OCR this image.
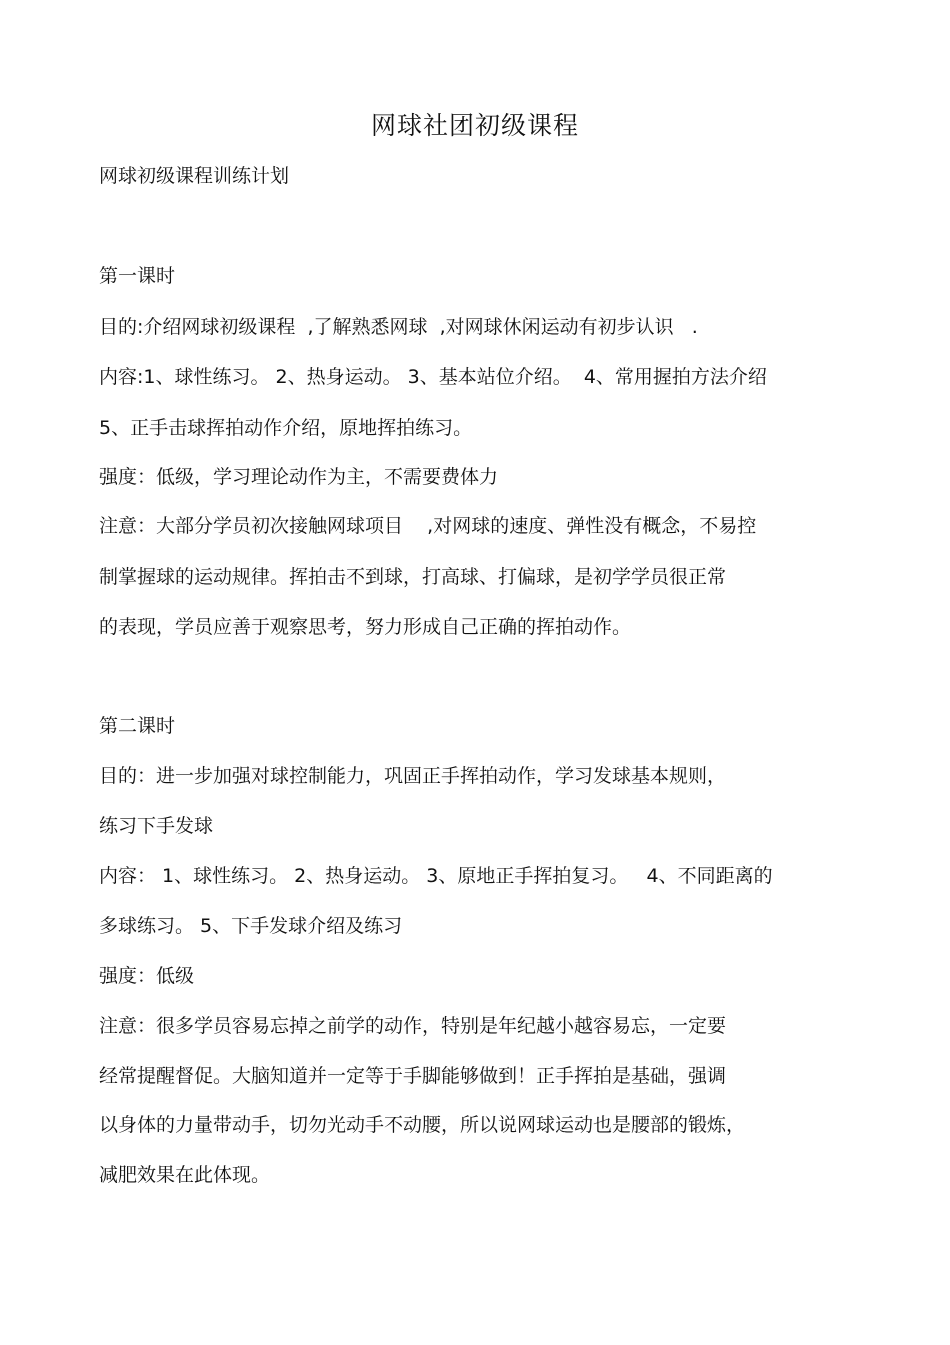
网球社团初级课程
网球初级课程训练计划
第一课时
目的:介绍网球初级课程  ,了解熟悉网球  ,对网球休闲运动有初步认识   .
内容:1、球性练习。 2、热身运动。 3、基本站位介绍。  4、常用握拍方法介绍
5、正手击球挥拍动作介绍，原地挥拍练习。
强度：低级，学习理论动作为主，不需要费体力
注意：大部分学员初次接触网球项目    ,对网球的速度、弹性没有概念，不易控
制掌握球的运动规律。挥拍击不到球，打高球、打偏球，是初学学员很正常
的表现，学员应善于观察思考，努力形成自己正确的挥拍动作。
第二课时
目的：进一步加强对球控制能力，巩固正手挥拍动作，学习发球基本规则，
练习下手发球
内容： 1、球性练习。 2、热身运动。 3、原地正手挥拍复习。   4、不同距离的
多球练习。 5、下手发球介绍及练习
强度：低级
注意：很多学员容易忘掉之前学的动作，特别是年纪越小越容易忘，一定要
经常提醒督促。大脑知道并一定等于手脚能够做到！正手挥拍是基础，强调
以身体的力量带动手，切勿光动手不动腰，所以说网球运动也是腰部的锻炼，
减肥效果在此体现。
